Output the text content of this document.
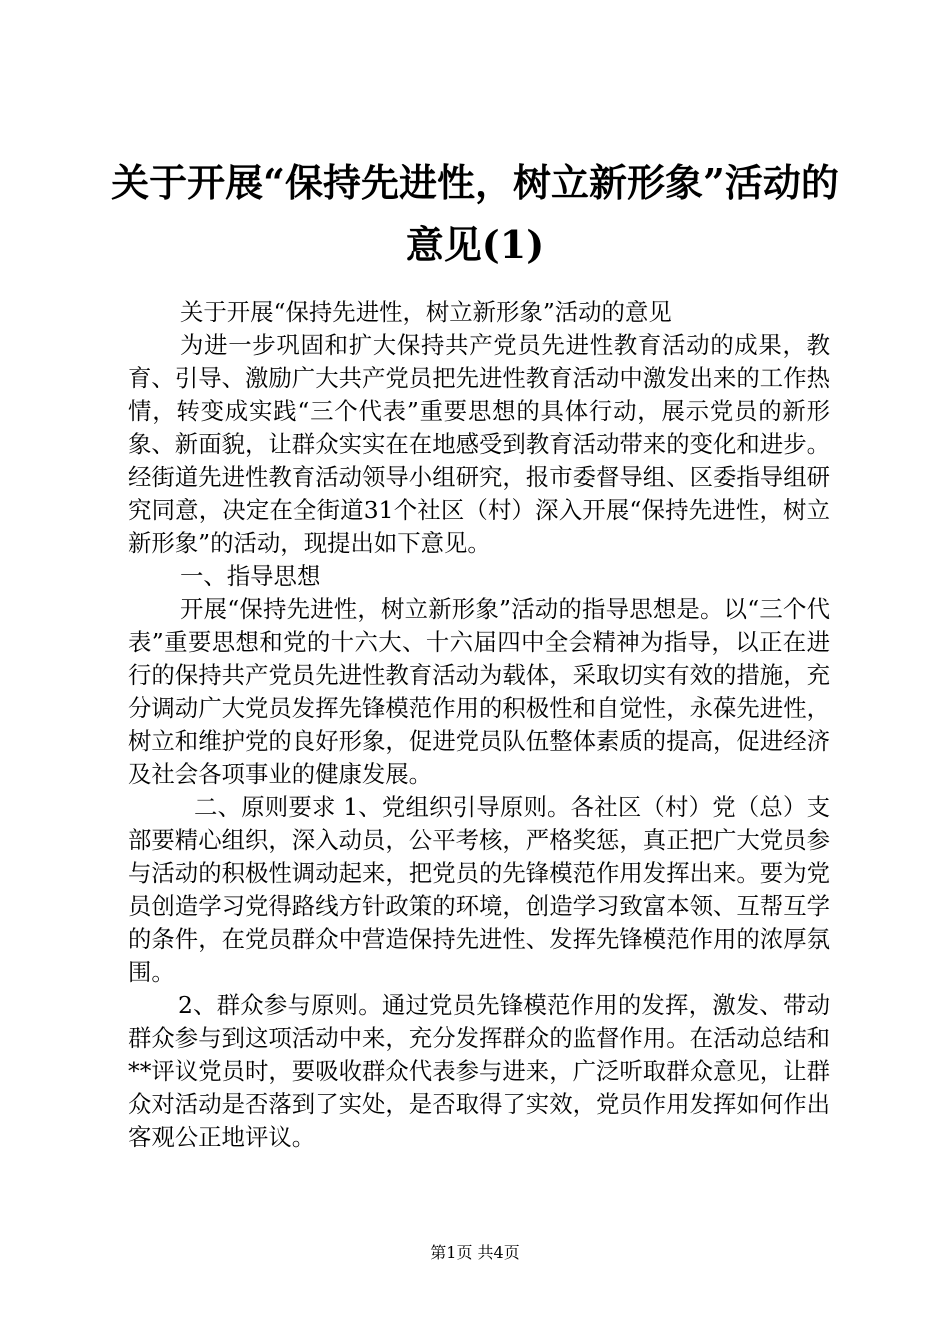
关于开展“保持先进性，树立新形象”活动的
意见(1)

关于开展“保持先进性，树立新形象”活动的意见

为进一步巩固和扩大保持共产党员先进性教育活动的成果，教育、引导、激励广大共产党员把先进性教育活动中激发出来的工作热情，转变成实践“三个代表”重要思想的具体行动，展示党员的新形象、新面貌，让群众实实在在地感受到教育活动带来的变化和进步。经街道先进性教育活动领导小组研究，报市委督导组、区委指导组研究同意，决定在全街道31个社区（村）深入开展“保持先进性，树立新形象”的活动，现提出如下意见。

一、指导思想

开展“保持先进性，树立新形象”活动的指导思想是。以“三个代表”重要思想和党的十六大、十六届四中全会精神为指导，以正在进行的保持共产党员先进性教育活动为载体，采取切实有效的措施，充分调动广大党员发挥先锋模范作用的积极性和自觉性，永葆先进性，树立和维护党的良好形象，促进党员队伍整体素质的提高，促进经济及社会各项事业的健康发展。

二、原则要求 1、党组织引导原则。各社区（村）党（总）支部要精心组织，深入动员，公平考核，严格奖惩，真正把广大党员参与活动的积极性调动起来，把党员的先锋模范作用发挥出来。要为党员创造学习党得路线方针政策的环境，创造学习致富本领、互帮互学的条件，在党员群众中营造保持先进性、发挥先锋模范作用的浓厚氛围。

2、群众参与原则。通过党员先锋模范作用的发挥，激发、带动群众参与到这项活动中来，充分发挥群众的监督作用。在活动总结和**评议党员时，要吸收群众代表参与进来，广泛听取群众意见，让群众对活动是否落到了实处，是否取得了实效，党员作用发挥如何作出客观公正地评议。

第1页 共4页
